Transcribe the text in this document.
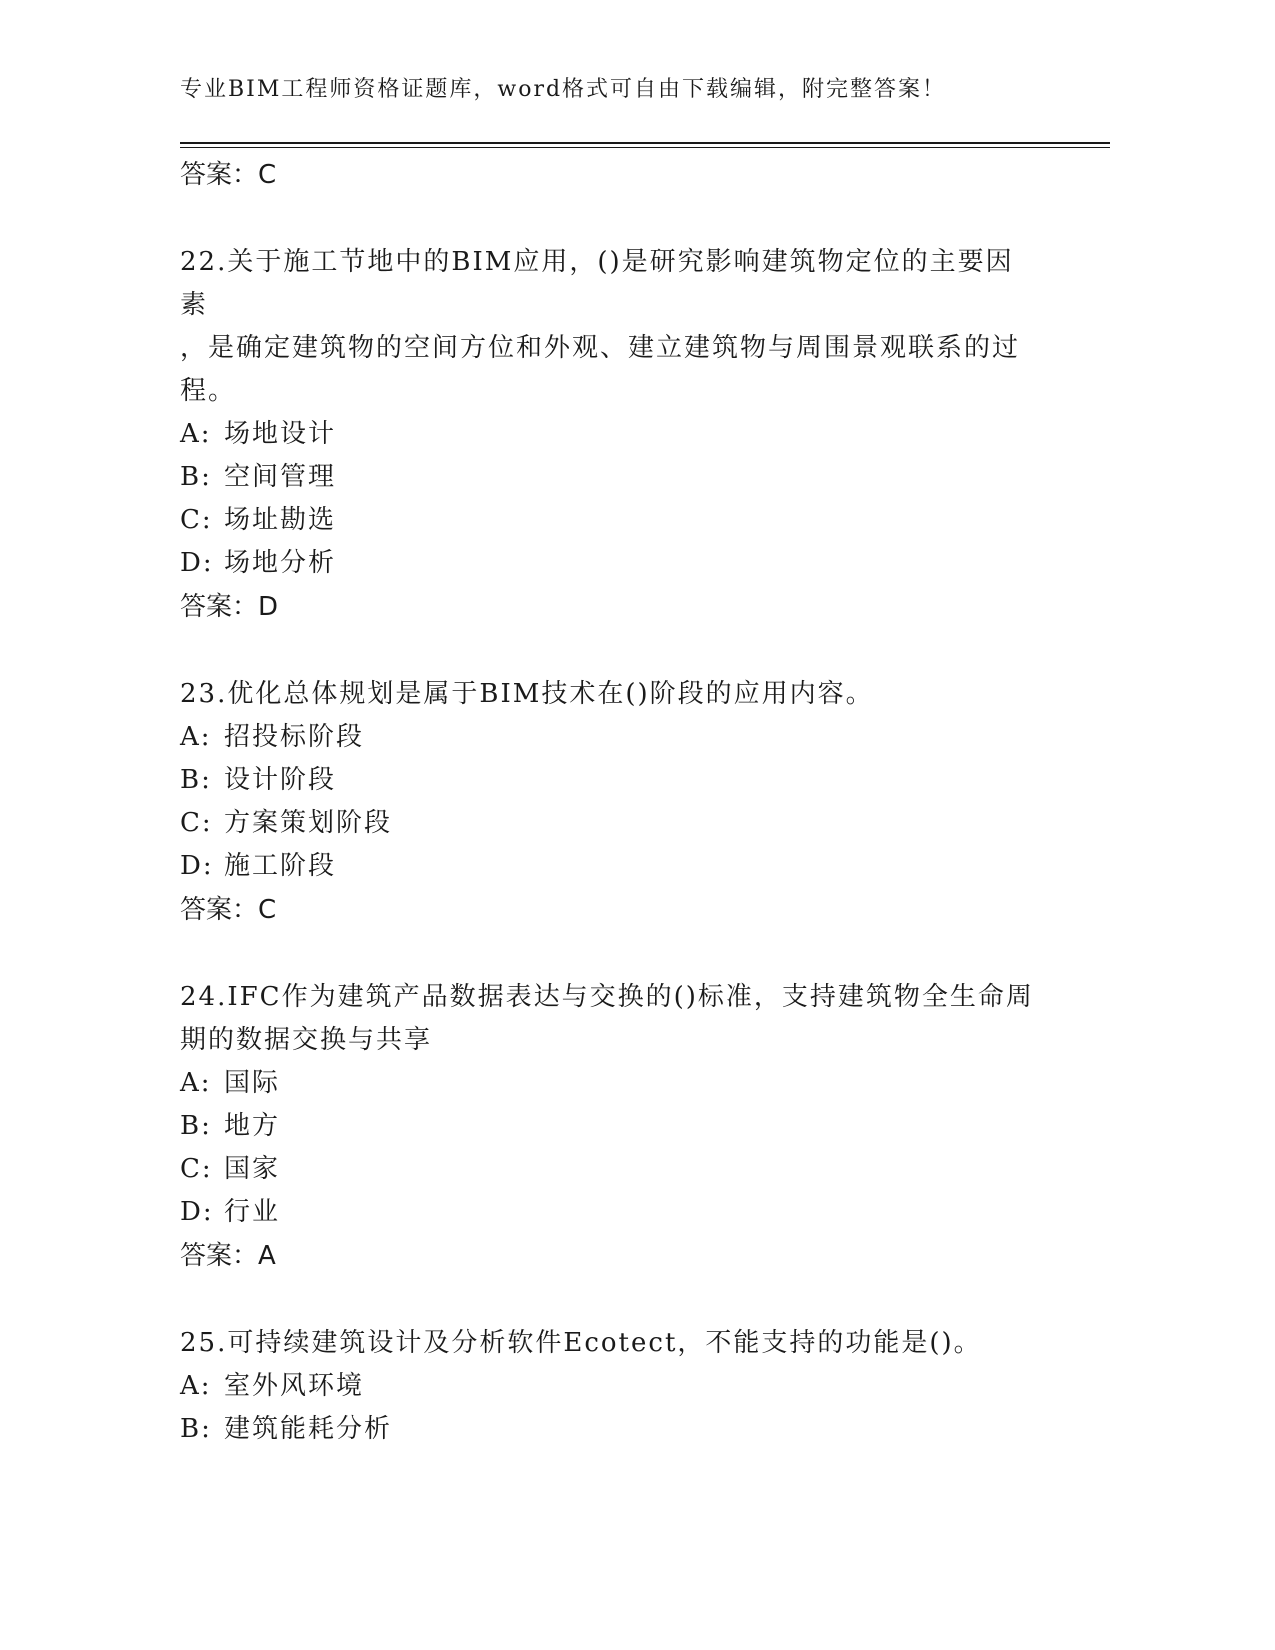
专业BIM工程师资格证题库，word格式可自由下载编辑，附完整答案！
答案：C
22.关于施工节地中的BIM应用，()是研究影响建筑物定位的主要因素
，是确定建筑物的空间方位和外观、建立建筑物与周围景观联系的过
程。
A: 场地设计
B: 空间管理
C: 场址勘选
D: 场地分析
答案：D
23.优化总体规划是属于BIM技术在()阶段的应用内容。
A: 招投标阶段
B: 设计阶段
C: 方案策划阶段
D: 施工阶段
答案：C
24.IFC作为建筑产品数据表达与交换的()标准，支持建筑物全生命周
期的数据交换与共享
A: 国际
B: 地方
C: 国家
D: 行业
答案：A
25.可持续建筑设计及分析软件Ecotect，不能支持的功能是()。
A: 室外风环境
B: 建筑能耗分析
